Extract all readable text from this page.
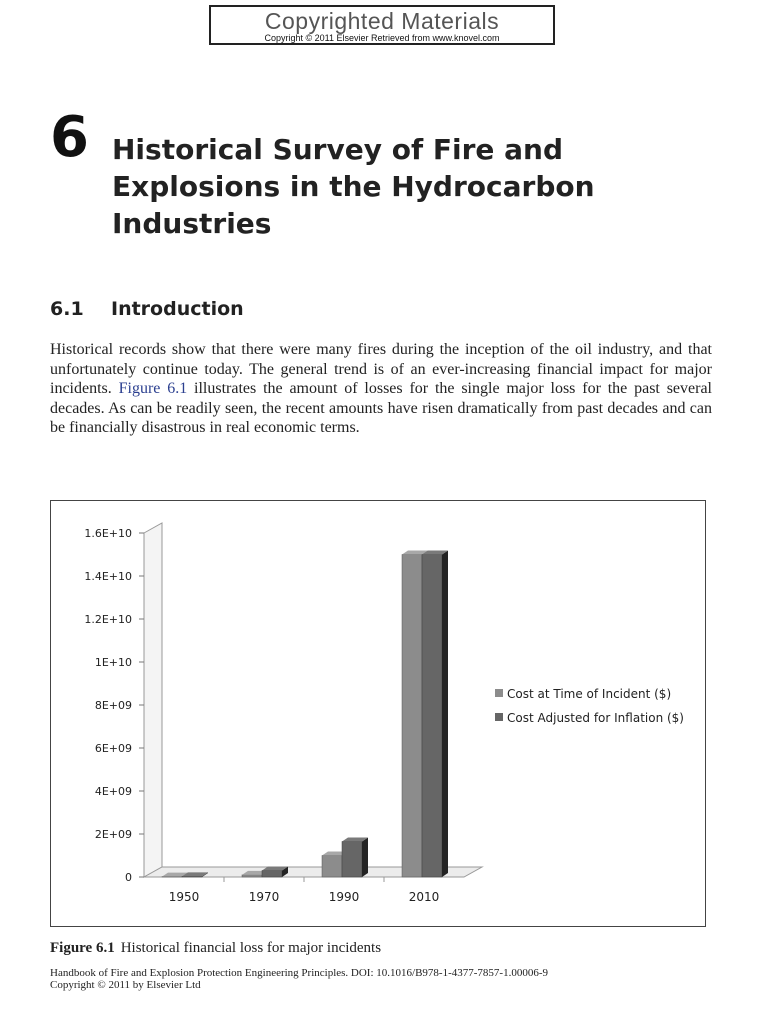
Copyrighted Materials
Copyright © 2011 Elsevier Retrieved from www.knovel.com
6 Historical Survey of Fire and
Explosions in the Hydrocarbon
Industries
6.1 Introduction

Historical records show that there were many fires during the inception of the oil industry, and that unfortunately continue today. The general trend is of an ever-increasing financial impact for major incidents. Figure 6.1 illustrates the amount of losses for the single major loss for the past several decades. As can be readily seen, the recent amounts have risen dramatically from past decades and can be financially disastrous in real economic terms.

0
2E+09
4E+09
6E+09
8E+09
1E+10
1.2E+10
1.4E+10
1.6E+10
1950	1970	1990	2010
Cost at Time of Incident ($)
Cost Adjusted for Inflation ($)

Figure 6.1 Historical financial loss for major incidents

Handbook of Fire and Explosion Protection Engineering Principles. DOI: 10.1016/B978-1-4377-7857-1.00006-9
Copyright © 2011 by Elsevier Ltd
